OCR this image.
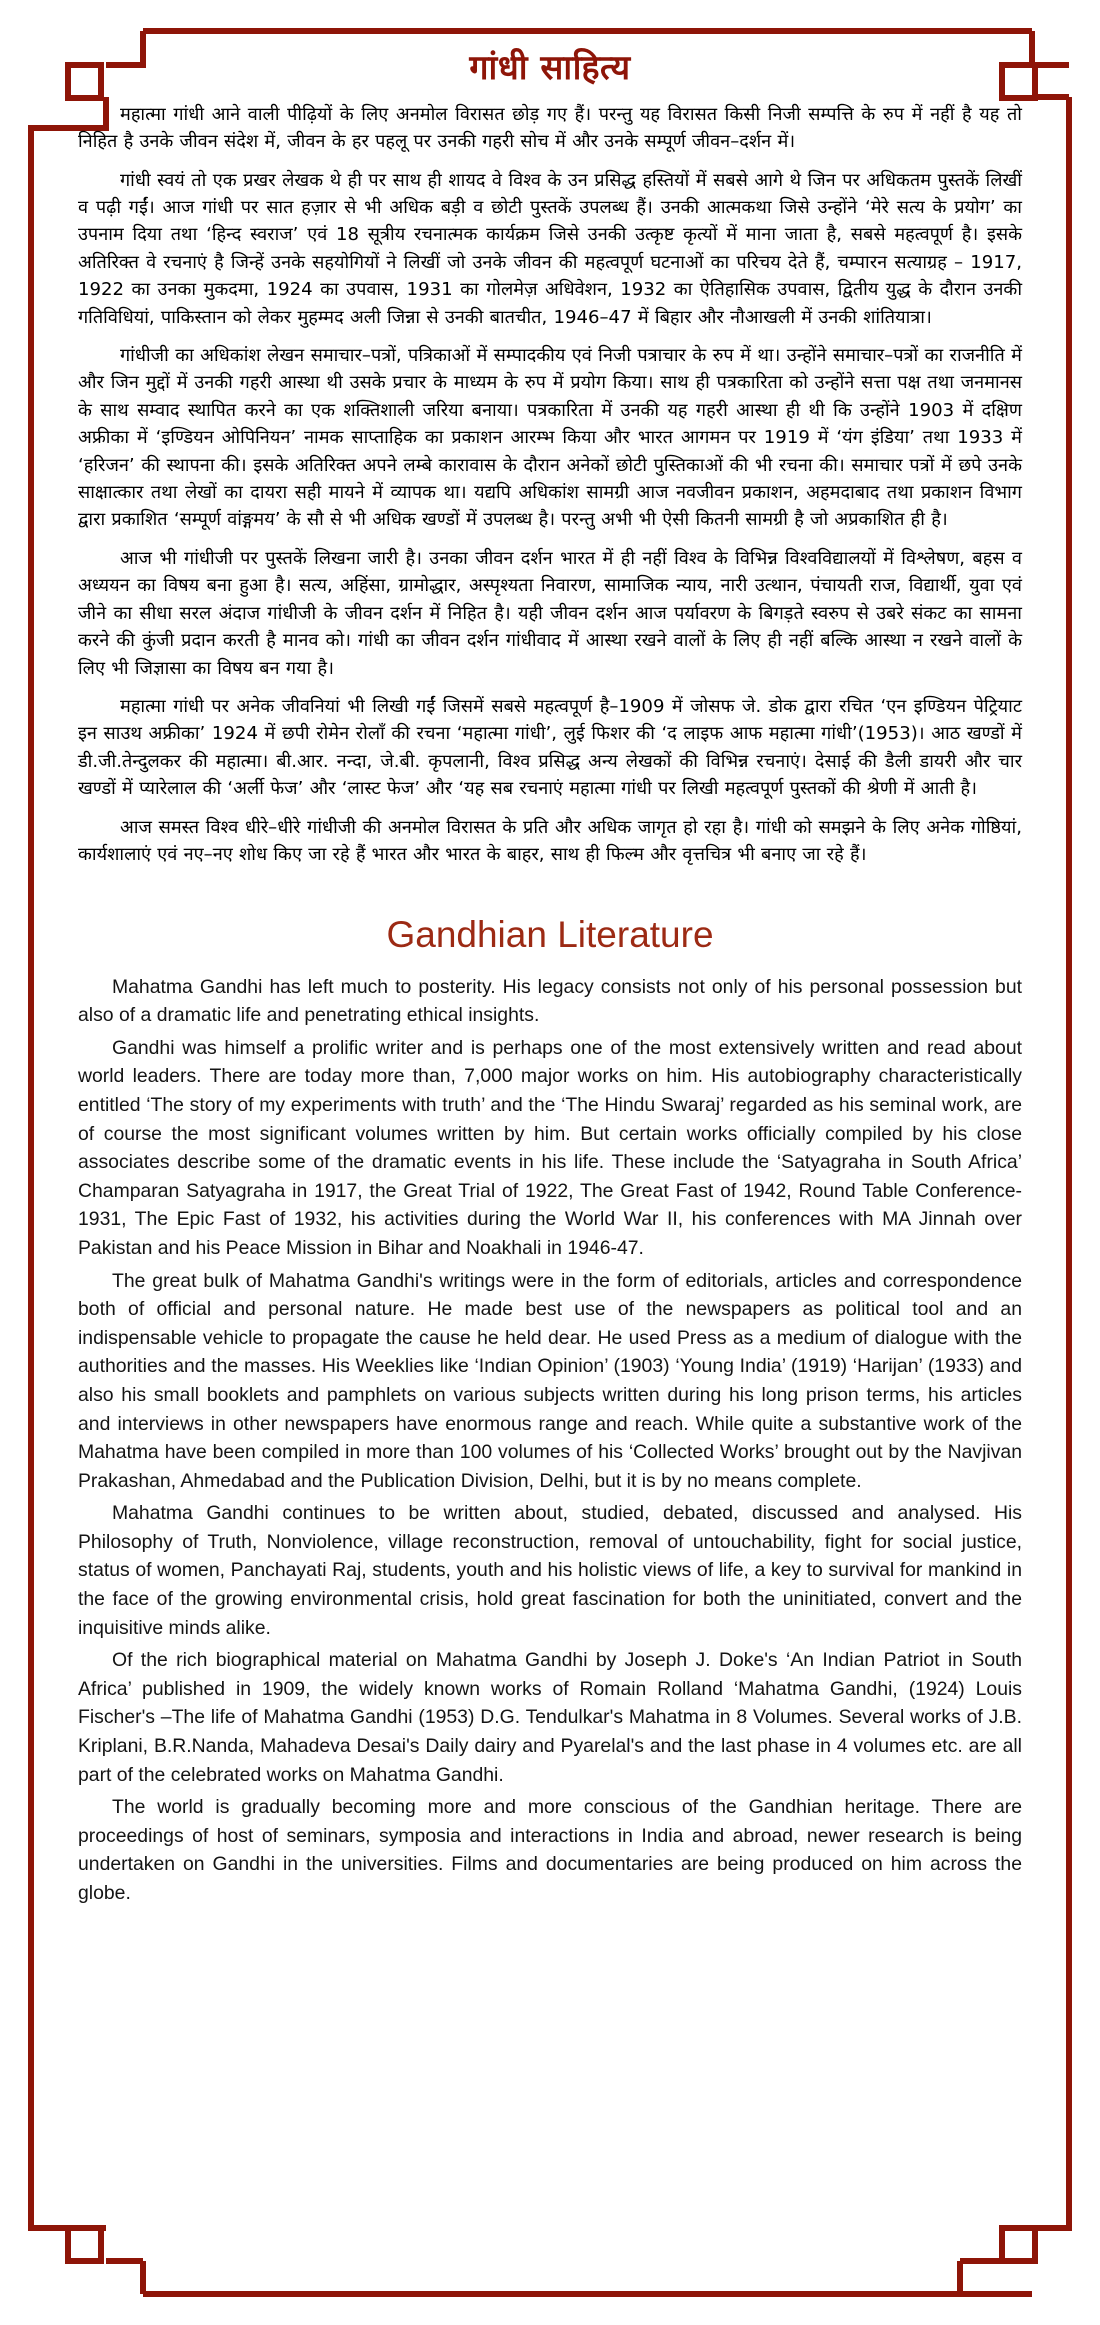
गांधी साहित्य

महात्मा गांधी आने वाली पीढ़ियों के लिए अनमोल विरासत छोड़ गए हैं। परन्तु यह विरासत किसी निजी सम्पत्ति के रुप में नहीं है यह तो निहित है उनके जीवन संदेश में, जीवन के हर पहलू पर उनकी गहरी सोच में और उनके सम्पूर्ण जीवन–दर्शन में।

गांधी स्वयं तो एक प्रखर लेखक थे ही पर साथ ही शायद वे विश्व के उन प्रसिद्ध हस्तियों में सबसे आगे थे जिन पर अधिकतम पुस्तकें लिखीं व पढ़ी गईं। आज गांधी पर सात हज़ार से भी अधिक बड़ी व छोटी पुस्तकें उपलब्ध हैं। उनकी आत्मकथा जिसे उन्होंने ‘मेरे सत्य के प्रयोग’ का उपनाम दिया तथा ‘हिन्द स्वराज’ एवं 18 सूत्रीय रचनात्मक कार्यक्रम जिसे उनकी उत्कृष्ट कृत्यों में माना जाता है, सबसे महत्वपूर्ण है। इसके अतिरिक्त वे रचनाएं है जिन्हें उनके सहयोगियों ने लिखीं जो उनके जीवन की महत्वपूर्ण घटनाओं का परिचय देते हैं, चम्पारन सत्याग्रह – 1917, 1922 का उनका मुकदमा, 1924 का उपवास, 1931 का गोलमेज़ अधिवेशन, 1932 का ऐतिहासिक उपवास, द्वितीय युद्ध के दौरान उनकी गतिविधियां, पाकिस्तान को लेकर मुहम्मद अली जिन्ना से उनकी बातचीत, 1946–47 में बिहार और नौआखली में उनकी शांतियात्रा।

गांधीजी का अधिकांश लेखन समाचार–पत्रों, पत्रिकाओं में सम्पादकीय एवं निजी पत्राचार के रुप में था। उन्होंने समाचार–पत्रों का राजनीति में और जिन मुद्दों में उनकी गहरी आस्था थी उसके प्रचार के माध्यम के रुप में प्रयोग किया। साथ ही पत्रकारिता को उन्होंने सत्ता पक्ष तथा जनमानस के साथ सम्वाद स्थापित करने का एक शक्तिशाली जरिया बनाया। पत्रकारिता में उनकी यह गहरी आस्था ही थी कि उन्होंने 1903 में दक्षिण अफ्रीका में ‘इण्डियन ओपिनियन’ नामक साप्ताहिक का प्रकाशन आरम्भ किया और भारत आगमन पर 1919 में ‘यंग इंडिया’ तथा 1933 में ‘हरिजन’ की स्थापना की। इसके अतिरिक्त अपने लम्बे कारावास के दौरान अनेकों छोटी पुस्तिकाओं की भी रचना की। समाचार पत्रों में छपे उनके साक्षात्कार तथा लेखों का दायरा सही मायने में व्यापक था। यद्यपि अधिकांश सामग्री आज नवजीवन प्रकाशन, अहमदाबाद तथा प्रकाशन विभाग द्वारा प्रकाशित ‘सम्पूर्ण वांङ्गमय’ के सौ से भी अधिक खण्डों में उपलब्ध है। परन्तु अभी भी ऐसी कितनी सामग्री है जो अप्रकाशित ही है।

आज भी गांधीजी पर पुस्तकें लिखना जारी है। उनका जीवन दर्शन भारत में ही नहीं विश्व के विभिन्न विश्वविद्यालयों में विश्लेषण, बहस व अध्ययन का विषय बना हुआ है। सत्य, अहिंसा, ग्रामोद्धार, अस्पृश्यता निवारण, सामाजिक न्याय, नारी उत्थान, पंचायती राज, विद्यार्थी, युवा एवं जीने का सीधा सरल अंदाज गांधीजी के जीवन दर्शन में निहित है। यही जीवन दर्शन आज पर्यावरण के बिगड़ते स्वरुप से उबरे संकट का सामना करने की कुंजी प्रदान करती है मानव को। गांधी का जीवन दर्शन गांधीवाद में आस्था रखने वालों के लिए ही नहीं बल्कि आस्था न रखने वालों के लिए भी जिज्ञासा का विषय बन गया है।

महात्मा गांधी पर अनेक जीवनियां भी लिखी गईं जिसमें सबसे महत्वपूर्ण है–1909 में जोसफ जे. डोक द्वारा रचित ‘एन इण्डियन पेट्रियाट इन साउथ अफ्रीका’ 1924 में छपी रोमेन रोलाँ की रचना ‘महात्मा गांधी’, लुई फिशर की ‘द लाइफ आफ महात्मा गांधी’(1953)। आठ खण्डों में डी.जी.तेन्दुलकर की महात्मा। बी.आर. नन्दा, जे.बी. कृपलानी, विश्व प्रसिद्ध अन्य लेखकों की विभिन्न रचनाएं। देसाई की डैली डायरी और चार खण्डों में प्यारेलाल की ‘अर्ली फेज’ और ‘लास्ट फेज’ और ‘यह सब रचनाएं महात्मा गांधी पर लिखी महत्वपूर्ण पुस्तकों की श्रेणी में आती है।

आज समस्त विश्व धीरे–धीरे गांधीजी की अनमोल विरासत के प्रति और अधिक जागृत हो रहा है। गांधी को समझने के लिए अनेक गोष्ठियां, कार्यशालाएं एवं नए–नए शोध किए जा रहे हैं भारत और भारत के बाहर, साथ ही फिल्म और वृत्तचित्र भी बनाए जा रहे हैं।

Gandhian Literature

Mahatma Gandhi has left much to posterity. His legacy consists not only of his personal possession but also of a dramatic life and penetrating ethical insights.

Gandhi was himself a prolific writer and is perhaps one of the most extensively written and read about world leaders. There are today more than, 7,000 major works on him. His autobiography characteristically entitled ‘The story of my experiments with truth’ and the ‘The Hindu Swaraj’ regarded as his seminal work, are of course the most significant volumes written by him. But certain works officially compiled by his close associates describe some of the dramatic events in his life. These include the ‘Satyagraha in South Africa’ Champaran Satyagraha in 1917, the Great Trial of 1922, The Great Fast of 1942, Round Table Conference-1931, The Epic Fast of 1932, his activities during the World War II, his conferences with MA Jinnah over Pakistan and his Peace Mission in Bihar and Noakhali in 1946-47.

The great bulk of Mahatma Gandhi's writings were in the form of editorials, articles and correspondence both of official and personal nature. He made best use of the newspapers as political tool and an indispensable vehicle to propagate the cause he held dear. He used Press as a medium of dialogue with the authorities and the masses. His Weeklies like ‘Indian Opinion’ (1903) ‘Young India’ (1919) ‘Harijan’ (1933) and also his small booklets and pamphlets on various subjects written during his long prison terms, his articles and interviews in other newspapers have enormous range and reach. While quite a substantive work of the Mahatma have been compiled in more than 100 volumes of his ‘Collected Works’ brought out by the Navjivan Prakashan, Ahmedabad and the Publication Division, Delhi, but it is by no means complete.

Mahatma Gandhi continues to be written about, studied, debated, discussed and analysed. His Philosophy of Truth, Nonviolence, village reconstruction, removal of untouchability, fight for social justice, status of women, Panchayati Raj, students, youth and his holistic views of life, a key to survival for mankind in the face of the growing environmental crisis, hold great fascination for both the uninitiated, convert and the inquisitive minds alike.

Of the rich biographical material on Mahatma Gandhi by Joseph J. Doke's ‘An Indian Patriot in South Africa’ published in 1909, the widely known works of Romain Rolland ‘Mahatma Gandhi, (1924) Louis Fischer's –The life of Mahatma Gandhi (1953) D.G. Tendulkar's Mahatma in 8 Volumes. Several works of J.B. Kriplani, B.R.Nanda, Mahadeva Desai's Daily dairy and Pyarelal's and the last phase in 4 volumes etc. are all part of the celebrated works on Mahatma Gandhi.

The world is gradually becoming more and more conscious of the Gandhian heritage. There are proceedings of host of seminars, symposia and interactions in India and abroad, newer research is being undertaken on Gandhi in the universities. Films and documentaries are being produced on him across the globe.
